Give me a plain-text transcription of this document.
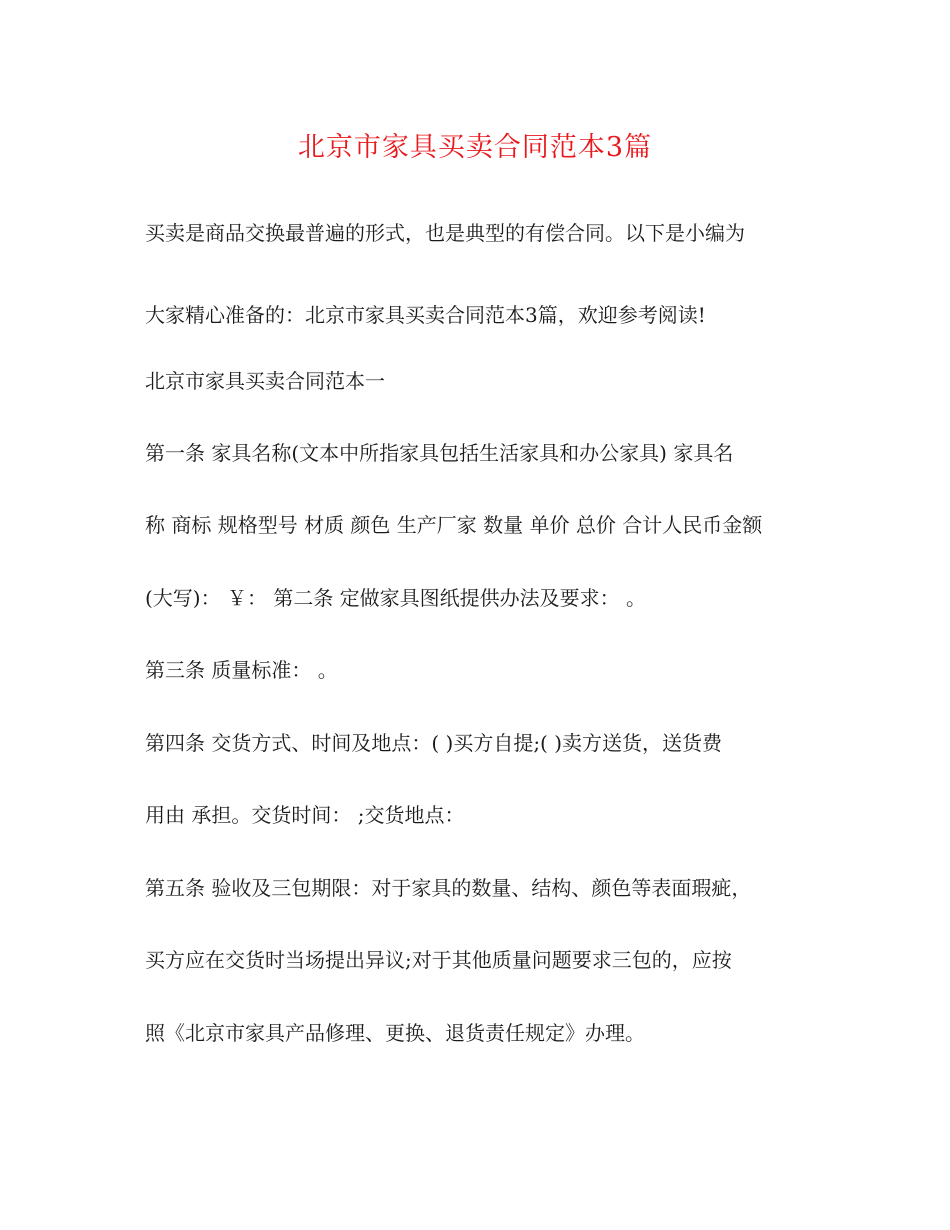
北京市家具买卖合同范本3篇

买卖是商品交换最普遍的形式，也是典型的有偿合同。以下是小编为

大家精心准备的：北京市家具买卖合同范本3篇，欢迎参考阅读!

北京市家具买卖合同范本一

第一条 家具名称(文本中所指家具包括生活家具和办公家具) 家具名

称 商标 规格型号 材质 颜色 生产厂家 数量 单价 总价 合计人民币金额

(大写)： ￥： 第二条 定做家具图纸提供办法及要求： 。

第三条 质量标准： 。

第四条 交货方式、时间及地点：( )买方自提;( )卖方送货，送货费

用由 承担。交货时间： ;交货地点：

第五条 验收及三包期限：对于家具的数量、结构、颜色等表面瑕疵，

买方应在交货时当场提出异议;对于其他质量问题要求三包的，应按

照《北京市家具产品修理、更换、退货责任规定》办理。
